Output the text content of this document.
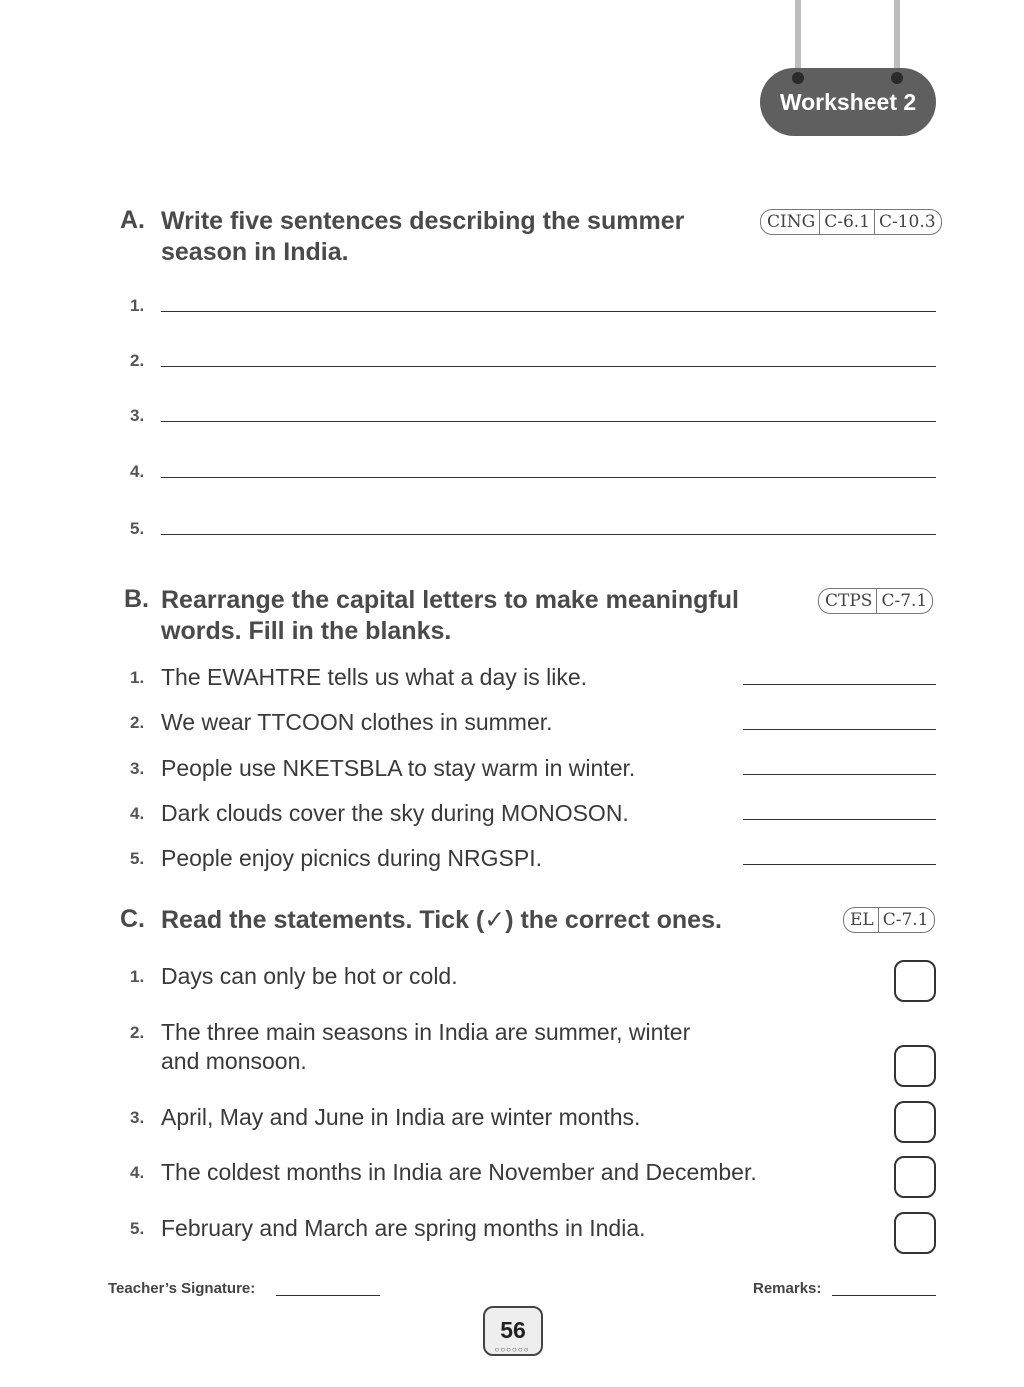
Worksheet 2
A. Write five sentences describing the summer
season in India.
CING C-6.1 C-10.3
1.
2.
3.
4.
5.
B. Rearrange the capital letters to make meaningful
words. Fill in the blanks.
CTPS C-7.1
1. The EWAHTRE tells us what a day is like.
2. We wear TTCOON clothes in summer.
3. People use NKETSBLA to stay warm in winter.
4. Dark clouds cover the sky during MONOSON.
5. People enjoy picnics during NRGSPI.
C. Read the statements. Tick (✓) the correct ones.	EL C-7.1
1. Days can only be hot or cold.
2. The three main seasons in India are summer, winter
and monsoon.
3. April, May and June in India are winter months.
4. The coldest months in India are November and December.
5. February and March are spring months in India.
Teacher’s Signature:	Remarks:
56
○○○○○○
